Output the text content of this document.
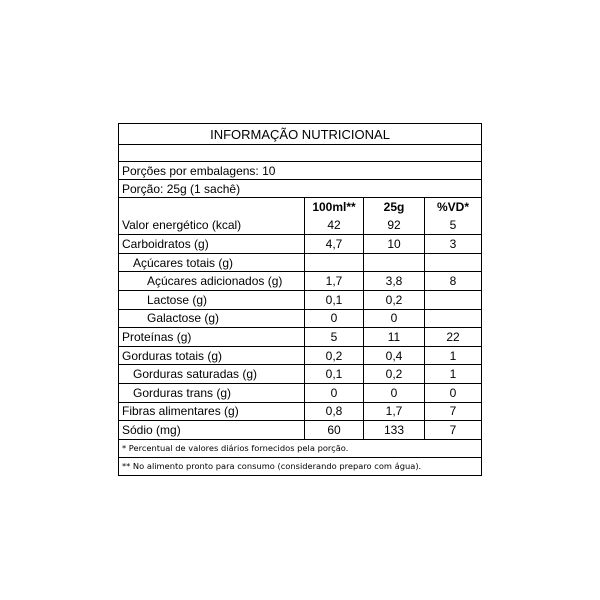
INFORMAÇÃO NUTRICIONAL
Porções por embalagens: 10
Porção: 25g (1 sachê)
100ml**	25g	%VD*
Valor energético (kcal)	42	92	5
Carboidratos (g)	4,7	10	3
Açúcares totais (g)
Açúcares adicionados (g)	1,7	3,8	8
Lactose (g)	0,1	0,2
Galactose (g)	0	0
Proteínas (g)	5	11	22
Gorduras totais (g)	0,2	0,4	1
Gorduras saturadas (g)	0,1	0,2	1
Gorduras trans (g)	0	0	0
Fibras alimentares (g)	0,8	1,7	7
Sódio (mg)	60	133	7
* Percentual de valores diários fornecidos pela porção.
** No alimento pronto para consumo (considerando preparo com água).
